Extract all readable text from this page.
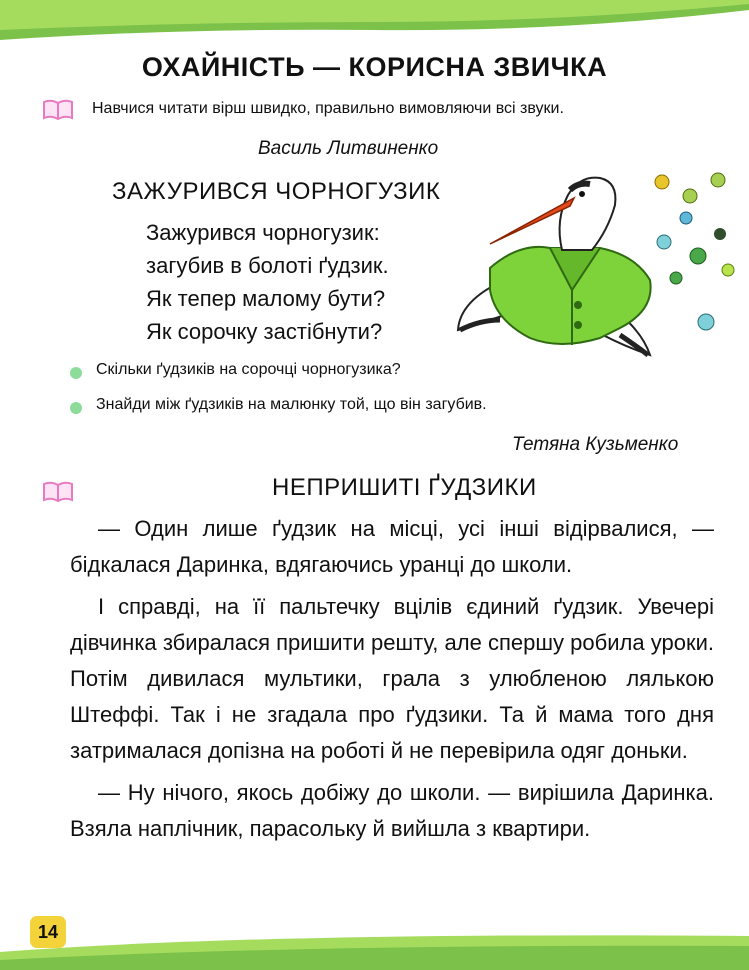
ОХАЙНІСТЬ — КОРИСНА ЗВИЧКА
Навчися читати вірш швидко, правильно вимовляючи всі звуки.
Василь Литвиненко
ЗАЖУРИВСЯ ЧОРНОГУЗИК
Зажурився чорногузик:
загубив в болоті ґудзик.
Як тепер малому бути?
Як сорочку застібнути?
Скільки ґудзиків на сорочці чорногузика?
Знайди між ґудзиків на малюнку той, що він загубив.
Тетяна Кузьменко
НЕПРИШИТІ ҐУДЗИКИ

— Один лише ґудзик на місці, усі інші відірвалися, — бідкалася Даринка, вдягаючись уранці до школи.

І справді, на її пальтечку вцілів єдиний ґудзик. Увечері дівчинка збиралася пришити решту, але спершу робила уроки. Потім дивилася мультики, грала з улюбленою лялькою Штеффі. Так і не згадала про ґудзики. Та й мама того дня затрималася допізна на роботі й не перевірила одяг доньки.

— Ну нічого, якось добіжу до школи. — вирішила Даринка. Взяла наплічник, парасольку й вийшла з квартири.

14
